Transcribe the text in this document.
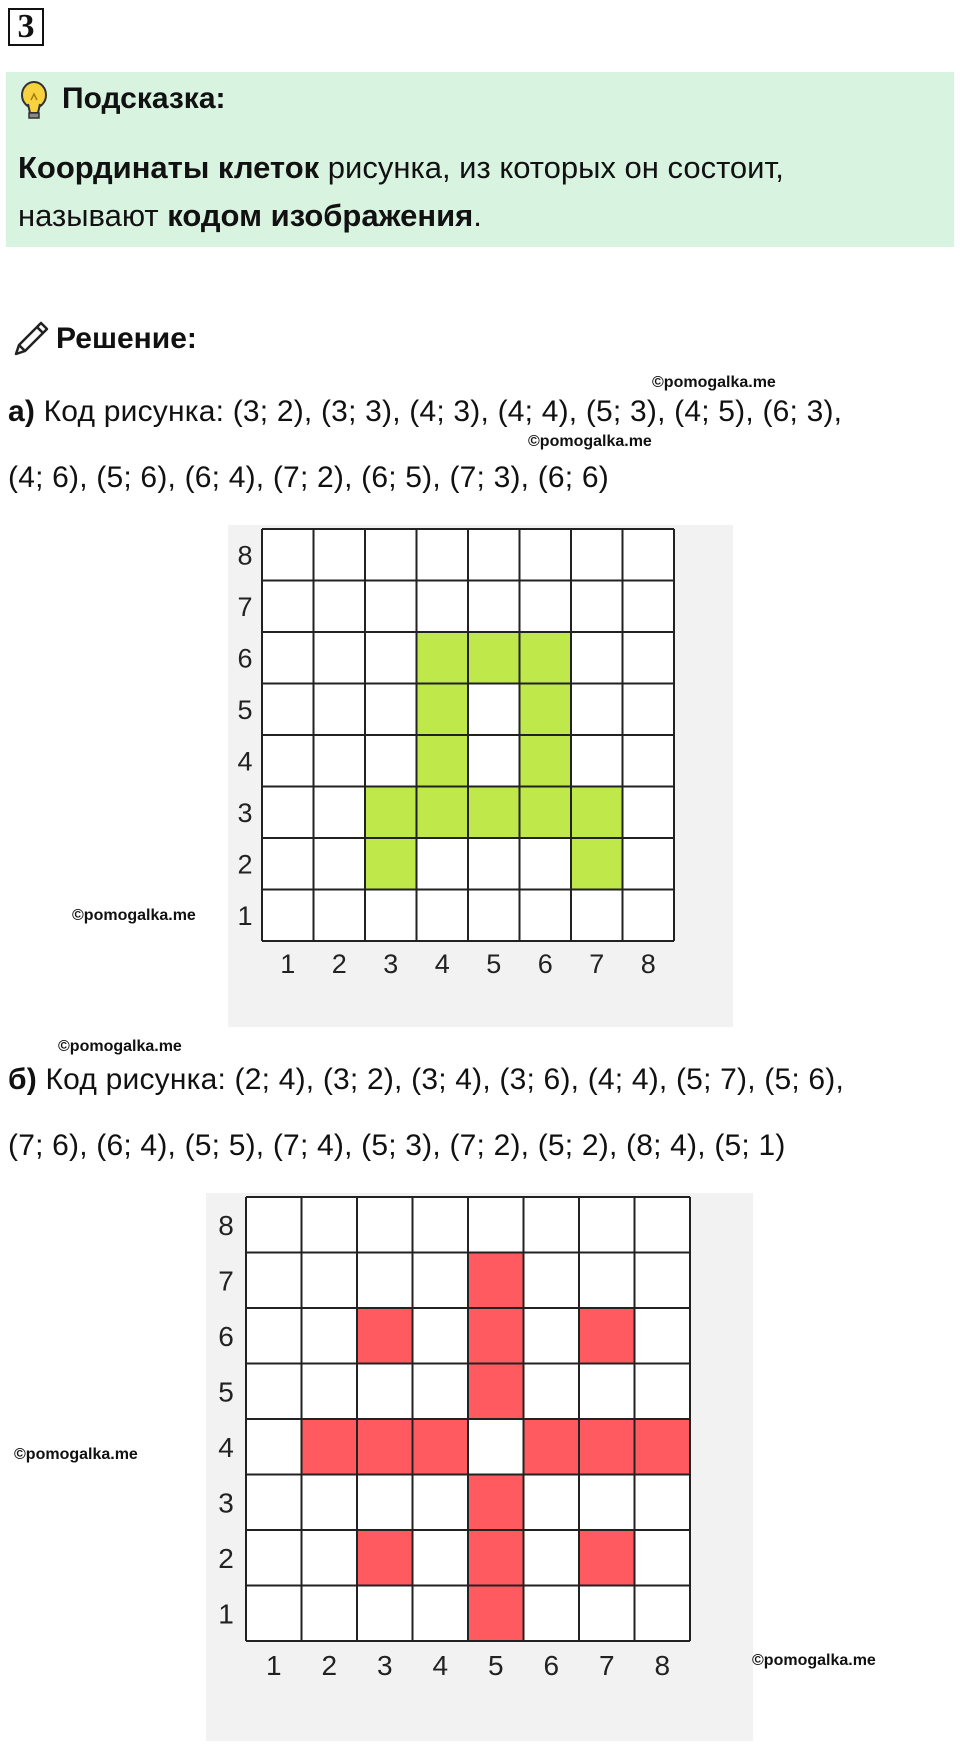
3
Подсказка:
Координаты клеток рисунка, из которых он состоит,
называют кодом изображения.
Решение:
©pomogalka.me
а) Код рисунка: (3; 2), (3; 3), (4; 3), (4; 4), (5; 3), (4; 5), (6; 3),
©pomogalka.me
(4; 6), (5; 6), (6; 4), (7; 2), (6; 5), (7; 3), (6; 6)
1 2 3 4 5 6 7 8
1
2
3
4
5
6
7
8
©pomogalka.me
©pomogalka.me
б) Код рисунка: (2; 4), (3; 2), (3; 4), (3; 6), (4; 4), (5; 7), (5; 6),
(7; 6), (6; 4), (5; 5), (7; 4), (5; 3), (7; 2), (5; 2), (8; 4), (5; 1)
1 2 3 4 5 6 7 8
1
2
3
4
5
6
7
8
©pomogalka.me
©pomogalka.me
